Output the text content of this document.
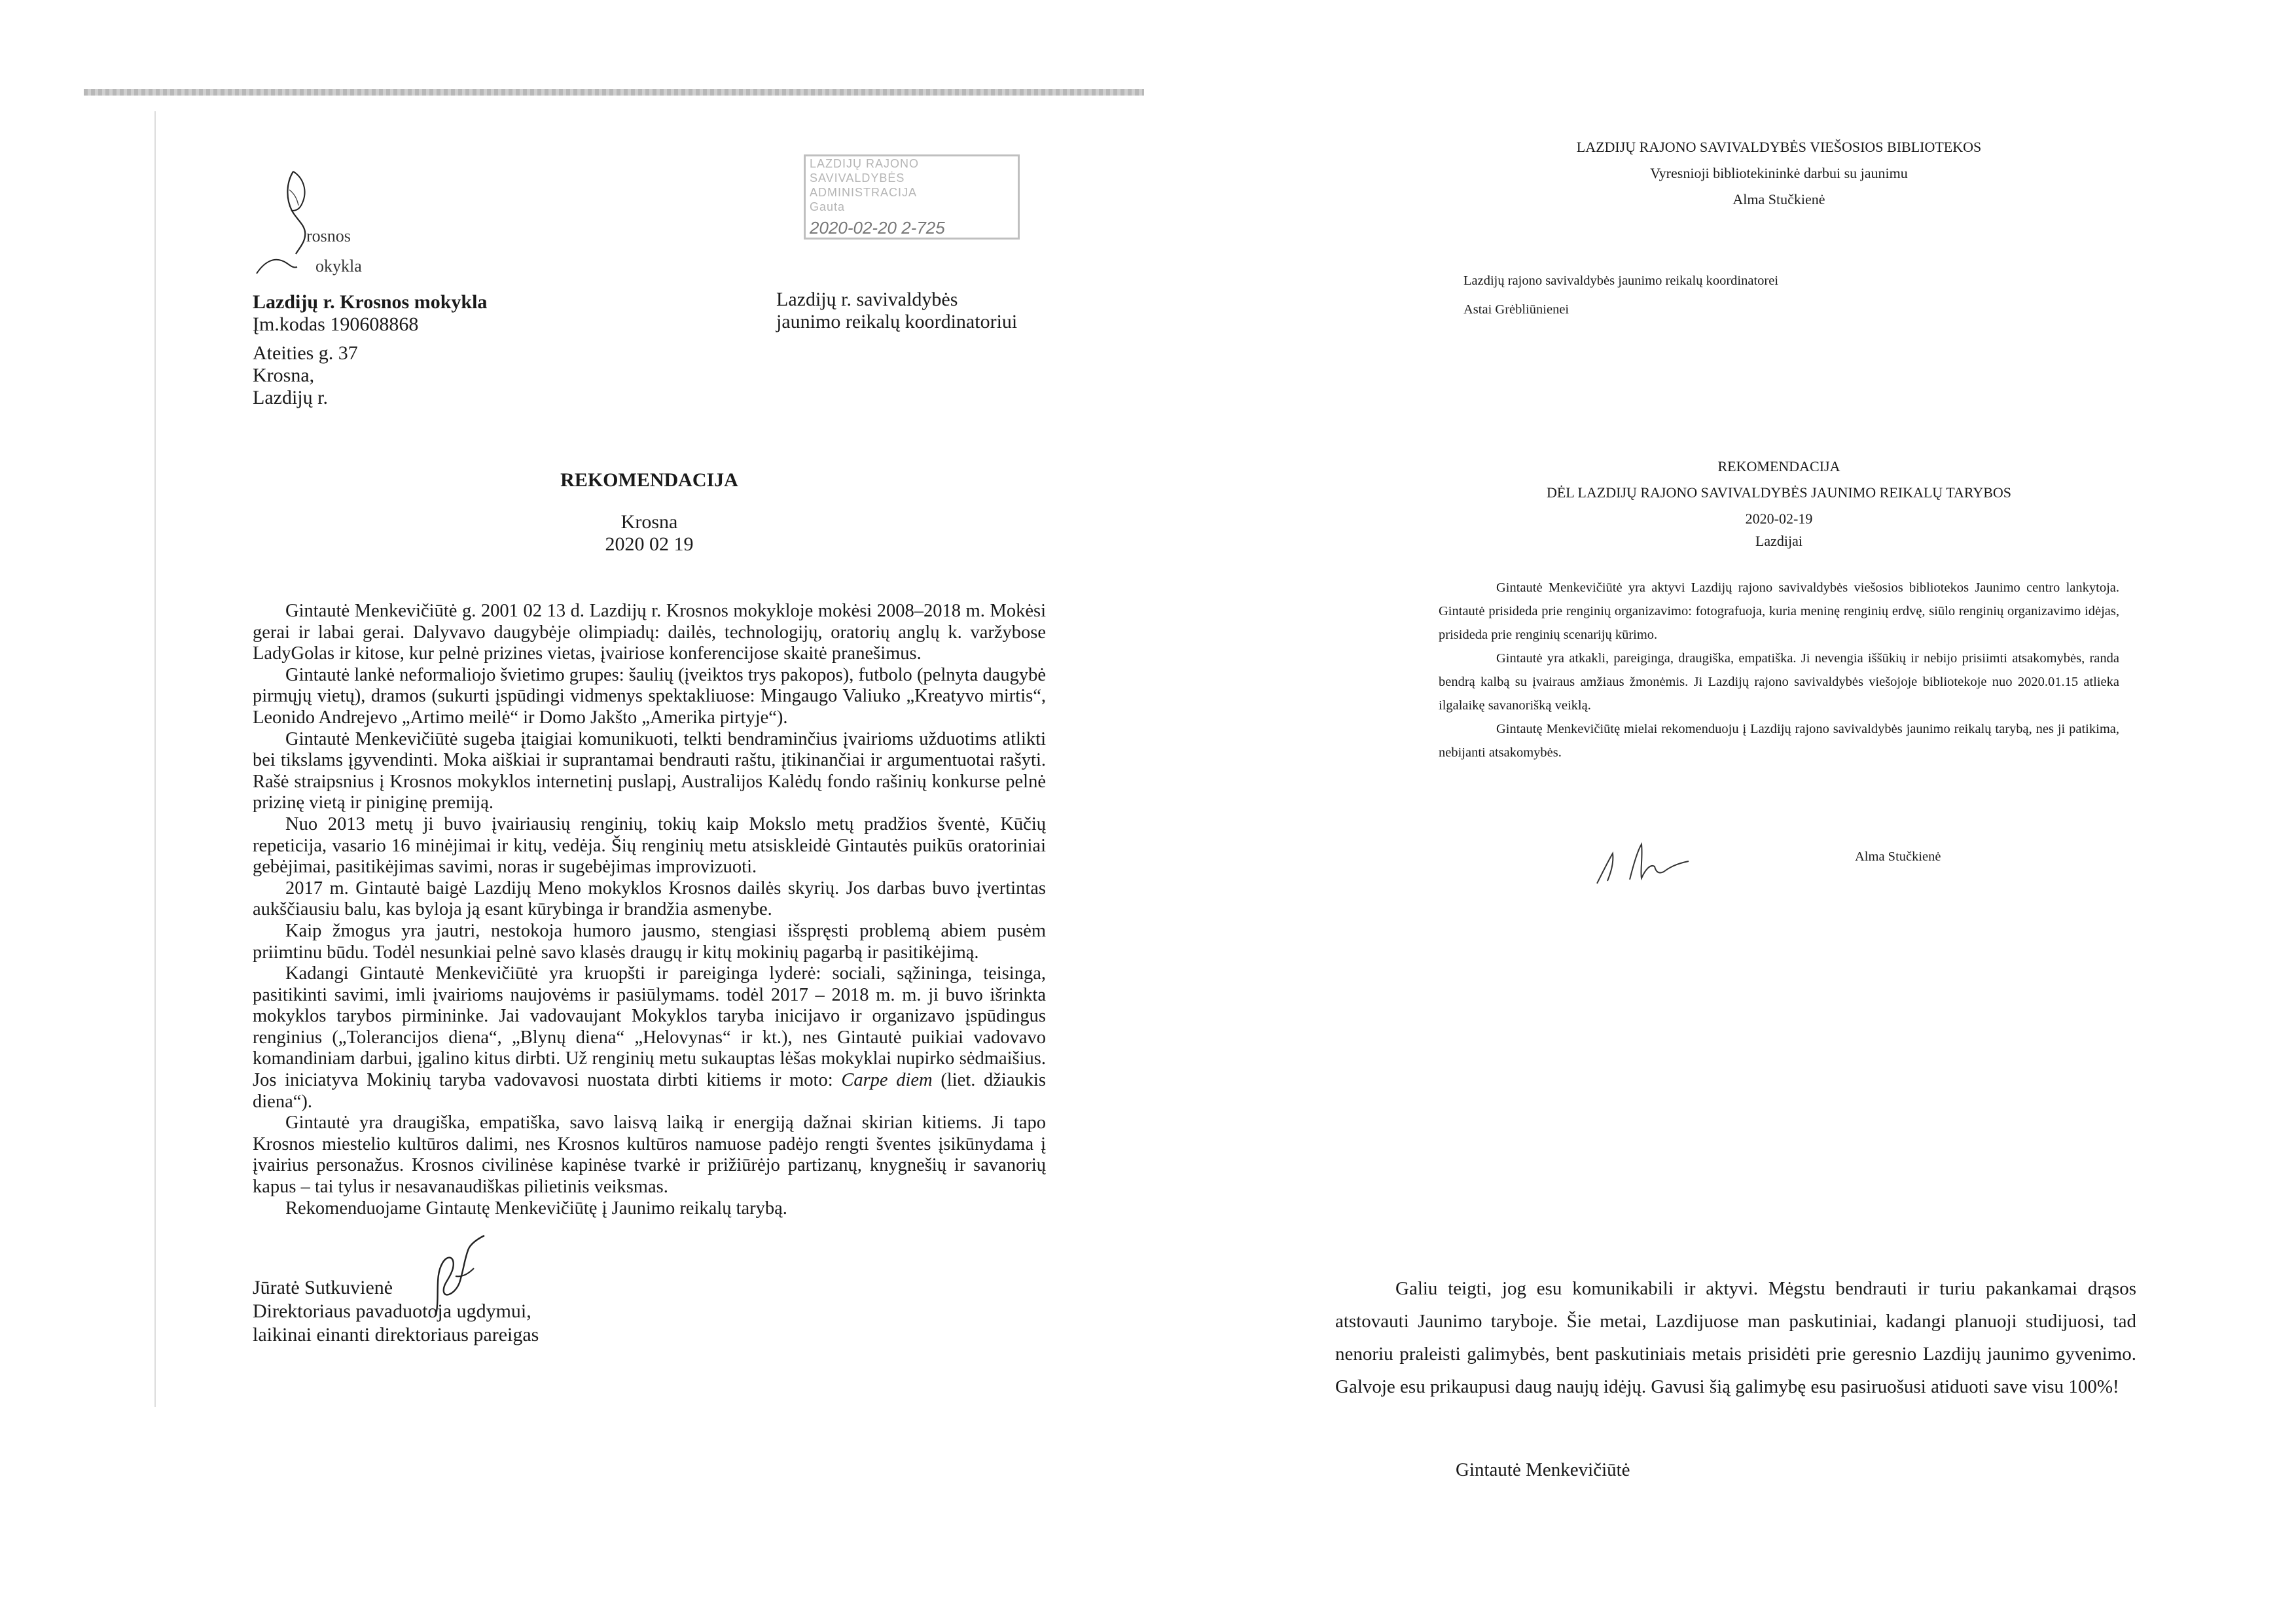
rosnos
okykla
Lazdijų r. Krosnos mokykla
Įm.kodas 190608868
Ateities g. 37
Krosna,
Lazdijų r.
LAZDIJŲ RAJONO SAVIVALDYBĖS
ADMINISTRACIJA
Gauta
2020-02-20 2-725
Lazdijų r. savivaldybės
jaunimo reikalų koordinatoriui
REKOMENDACIJA
Krosna
2020 02 19

Gintautė Menkevičiūtė g. 2001 02 13 d. Lazdijų r. Krosnos mokykloje mokėsi 2008–2018 m. Mokėsi gerai ir labai gerai. Dalyvavo daugybėje olimpiadų: dailės, technologijų, oratorių anglų k. varžybose LadyGolas ir kitose, kur pelnė prizines vietas, įvairiose konferencijose skaitė pranešimus.

Gintautė lankė neformaliojo švietimo grupes: šaulių (įveiktos trys pakopos), futbolo (pelnyta daugybė pirmųjų vietų), dramos (sukurti įspūdingi vidmenys spektakliuose: Mingaugo Valiuko „Kreatyvo mirtis“, Leonido Andrejevo „Artimo meilė“ ir Domo Jakšto „Amerika pirtyje“).

Gintautė Menkevičiūtė sugeba įtaigiai komunikuoti, telkti bendraminčius įvairioms užduotims atlikti bei tikslams įgyvendinti. Moka aiškiai ir suprantamai bendrauti raštu, įtikinančiai ir argumentuotai rašyti. Rašė straipsnius į Krosnos mokyklos internetinį puslapį, Australijos Kalėdų fondo rašinių konkurse pelnė prizinę vietą ir piniginę premiją.

Nuo 2013 metų ji buvo įvairiausių renginių, tokių kaip Mokslo metų pradžios šventė, Kūčių repeticija, vasario 16 minėjimai ir kitų, vedėja. Šių renginių metu atsiskleidė Gintautės puikūs oratoriniai gebėjimai, pasitikėjimas savimi, noras ir sugebėjimas improvizuoti.

2017 m. Gintautė baigė Lazdijų Meno mokyklos Krosnos dailės skyrių. Jos darbas buvo įvertintas aukščiausiu balu, kas byloja ją esant kūrybinga ir brandžia asmenybe.

Kaip žmogus yra jautri, nestokoja humoro jausmo, stengiasi išspręsti problemą abiem pusėm priimtinu būdu. Todėl nesunkiai pelnė savo klasės draugų ir kitų mokinių pagarbą ir pasitikėjimą.

Kadangi Gintautė Menkevičiūtė yra kruopšti ir pareiginga lyderė: sociali, sąžininga, teisinga, pasitikinti savimi, imli įvairioms naujovėms ir pasiūlymams. todėl 2017 – 2018 m. m. ji buvo išrinkta mokyklos tarybos pirmininke. Jai vadovaujant Mokyklos taryba inicijavo ir organizavo įspūdingus renginius („Tolerancijos diena“, „Blynų diena“ „Helovynas“ ir kt.), nes Gintautė puikiai vadovavo komandiniam darbui, įgalino kitus dirbti. Už renginių metu sukauptas lėšas mokyklai nupirko sėdmaišius. Jos iniciatyva Mokinių taryba vadovavosi nuostata dirbti kitiems ir moto: Carpe diem (liet. džiaukis diena“).

Gintautė yra draugiška, empatiška, savo laisvą laiką ir energiją dažnai skirian kitiems. Ji tapo Krosnos miestelio kultūros dalimi, nes Krosnos kultūros namuose padėjo rengti šventes įsikūnydama į įvairius personažus. Krosnos civilinėse kapinėse tvarkė ir prižiūrėjo partizanų, knygnešių ir savanorių kapus – tai tylus ir nesavanaudiškas pilietinis veiksmas.

Rekomenduojame Gintautę Menkevičiūtę į Jaunimo reikalų tarybą.

Jūratė Sutkuvienė
Direktoriaus pavaduotoja ugdymui,
laikinai einanti direktoriaus pareigas
LAZDIJŲ RAJONO SAVIVALDYBĖS VIEŠOSIOS BIBLIOTEKOS
Vyresnioji bibliotekininkė darbui su jaunimu
Alma Stučkienė
Lazdijų rajono savivaldybės jaunimo reikalų koordinatorei
Astai Grėbliūnienei
REKOMENDACIJA
DĖL LAZDIJŲ RAJONO SAVIVALDYBĖS JAUNIMO REIKALŲ TARYBOS
2020-02-19
Lazdijai

Gintautė Menkevičiūtė yra aktyvi Lazdijų rajono savivaldybės viešosios bibliotekos Jaunimo centro lankytoja. Gintautė prisideda prie renginių organizavimo: fotografuoja, kuria meninę renginių erdvę, siūlo renginių organizavimo idėjas, prisideda prie renginių scenarijų kūrimo.

Gintautė yra atkakli, pareiginga, draugiška, empatiška. Ji nevengia iššūkių ir nebijo prisiimti atsakomybės, randa bendrą kalbą su įvairaus amžiaus žmonėmis. Ji Lazdijų rajono savivaldybės viešojoje bibliotekoje nuo 2020.01.15 atlieka ilgalaikę savanorišką veiklą.

Gintautę Menkevičiūtę mielai rekomenduoju į Lazdijų rajono savivaldybės jaunimo reikalų tarybą, nes ji patikima, nebijanti atsakomybės.

Alma Stučkienė

Galiu teigti, jog esu komunikabili ir aktyvi. Mėgstu bendrauti ir turiu pakankamai drąsos atstovauti Jaunimo taryboje. Šie metai, Lazdijuose man paskutiniai, kadangi planuoji studijuosi, tad nenoriu praleisti galimybės, bent paskutiniais metais prisidėti prie geresnio Lazdijų jaunimo gyvenimo. Galvoje esu prikaupusi daug naujų idėjų. Gavusi šią galimybę esu pasiruošusi atiduoti save visu 100%!

Gintautė Menkevičiūtė
